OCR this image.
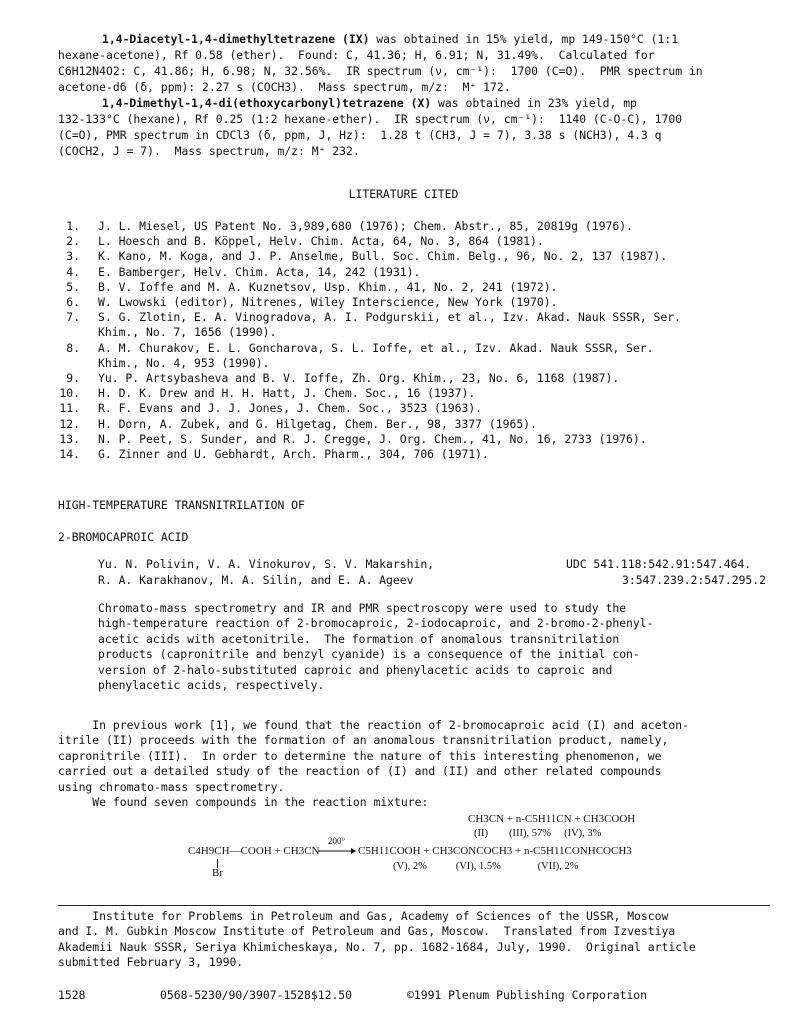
1,4-Diacetyl-1,4-dimethyltetrazene (IX) was obtained in 15% yield, mp 149-150°C (1:1
hexane-acetone), Rf 0.58 (ether).  Found: C, 41.36; H, 6.91; N, 31.49%.  Calculated for
C6H12N4O2: C, 41.86; H, 6.98; N, 32.56%.  IR spectrum (ν, cm⁻¹):  1700 (C=O).  PMR spectrum in
acetone-d6 (δ, ppm): 2.27 s (COCH3).  Mass spectrum, m/z:  M⁺ 172.
1,4-Dimethyl-1,4-di(ethoxycarbonyl)tetrazene (X) was obtained in 23% yield, mp
132-133°C (hexane), Rf 0.25 (1:2 hexane-ether).  IR spectrum (ν, cm⁻¹):  1140 (C-O-C), 1700
(C=O), PMR spectrum in CDCl3 (δ, ppm, J, Hz):  1.28 t (CH3, J = 7), 3.38 s (NCH3), 4.3 q
(COCH2, J = 7).  Mass spectrum, m/z: M⁺ 232.
LITERATURE CITED
1. J. L. Miesel, US Patent No. 3,989,680 (1976); Chem. Abstr., 85, 20819g (1976).
2. L. Hoesch and B. Köppel, Helv. Chim. Acta, 64, No. 3, 864 (1981).
3. K. Kano, M. Koga, and J. P. Anselme, Bull. Soc. Chim. Belg., 96, No. 2, 137 (1987).
4. E. Bamberger, Helv. Chim. Acta, 14, 242 (1931).
5. B. V. Ioffe and M. A. Kuznetsov, Usp. Khim., 41, No. 2, 241 (1972).
6. W. Lwowski (editor), Nitrenes, Wiley Interscience, New York (1970).
7. S. G. Zlotin, E. A. Vinogradova, A. I. Podgurskii, et al., Izv. Akad. Nauk SSSR, Ser.
Khim., No. 7, 1656 (1990).
8. A. M. Churakov, E. L. Goncharova, S. L. Ioffe, et al., Izv. Akad. Nauk SSSR, Ser.
Khim., No. 4, 953 (1990).
9. Yu. P. Artsybasheva and B. V. Ioffe, Zh. Org. Khim., 23, No. 6, 1168 (1987).
10. H. D. K. Drew and H. H. Hatt, J. Chem. Soc., 16 (1937).
11. R. F. Evans and J. J. Jones, J. Chem. Soc., 3523 (1963).
12. H. Dorn, A. Zubek, and G. Hilgetag, Chem. Ber., 98, 3377 (1965).
13. N. P. Peet, S. Sunder, and R. J. Cregge, J. Org. Chem., 41, No. 16, 2733 (1976).
14. G. Zinner and U. Gebhardt, Arch. Pharm., 304, 706 (1971).
HIGH-TEMPERATURE TRANSNITRILATION OF
2-BROMOCAPROIC ACID
Yu. N. Polivin, V. A. Vinokurov, S. V. Makarshin,
R. A. Karakhanov, M. A. Silin, and E. A. Ageev
UDC 541.118:542.91:547.464.
3:547.239.2:547.295.2
Chromato-mass spectrometry and IR and PMR spectroscopy were used to study the
high-temperature reaction of 2-bromocaproic, 2-iodocaproic, and 2-bromo-2-phenyl-
acetic acids with acetonitrile.  The formation of anomalous transnitrilation
products (capronitrile and benzyl cyanide) is a consequence of the initial con-
version of 2-halo-substituted caproic and phenylacetic acids to caproic and
phenylacetic acids, respectively.
In previous work [1], we found that the reaction of 2-bromocaproic acid (I) and aceton-
itrile (II) proceeds with the formation of an anomalous transnitrilation product, namely,
capronitrile (III).  In order to determine the nature of this interesting phenomenon, we
carried out a detailed study of the reaction of (I) and (II) and other related compounds
using chromato-mass spectrometry.
We found seven compounds in the reaction mixture:
CH3CN + n-C5H11CN + CH3COOH
(II)        (III), 57%     (IV), 3%
C4H9CH—COOH + CH3CN
200°
Br
C5H11COOH + CH3CONCOCH3 + n-C5H11CONHCOCH3
(V), 2%           (VI), 1.5%              (VII), 2%
Institute for Problems in Petroleum and Gas, Academy of Sciences of the USSR, Moscow
and I. M. Gubkin Moscow Institute of Petroleum and Gas, Moscow.  Translated from Izvestiya
Akademii Nauk SSSR, Seriya Khimicheskaya, No. 7, pp. 1682-1684, July, 1990.  Original article
submitted February 3, 1990.
1528	0568-5230/90/3907-1528$12.50	©1991 Plenum Publishing Corporation
